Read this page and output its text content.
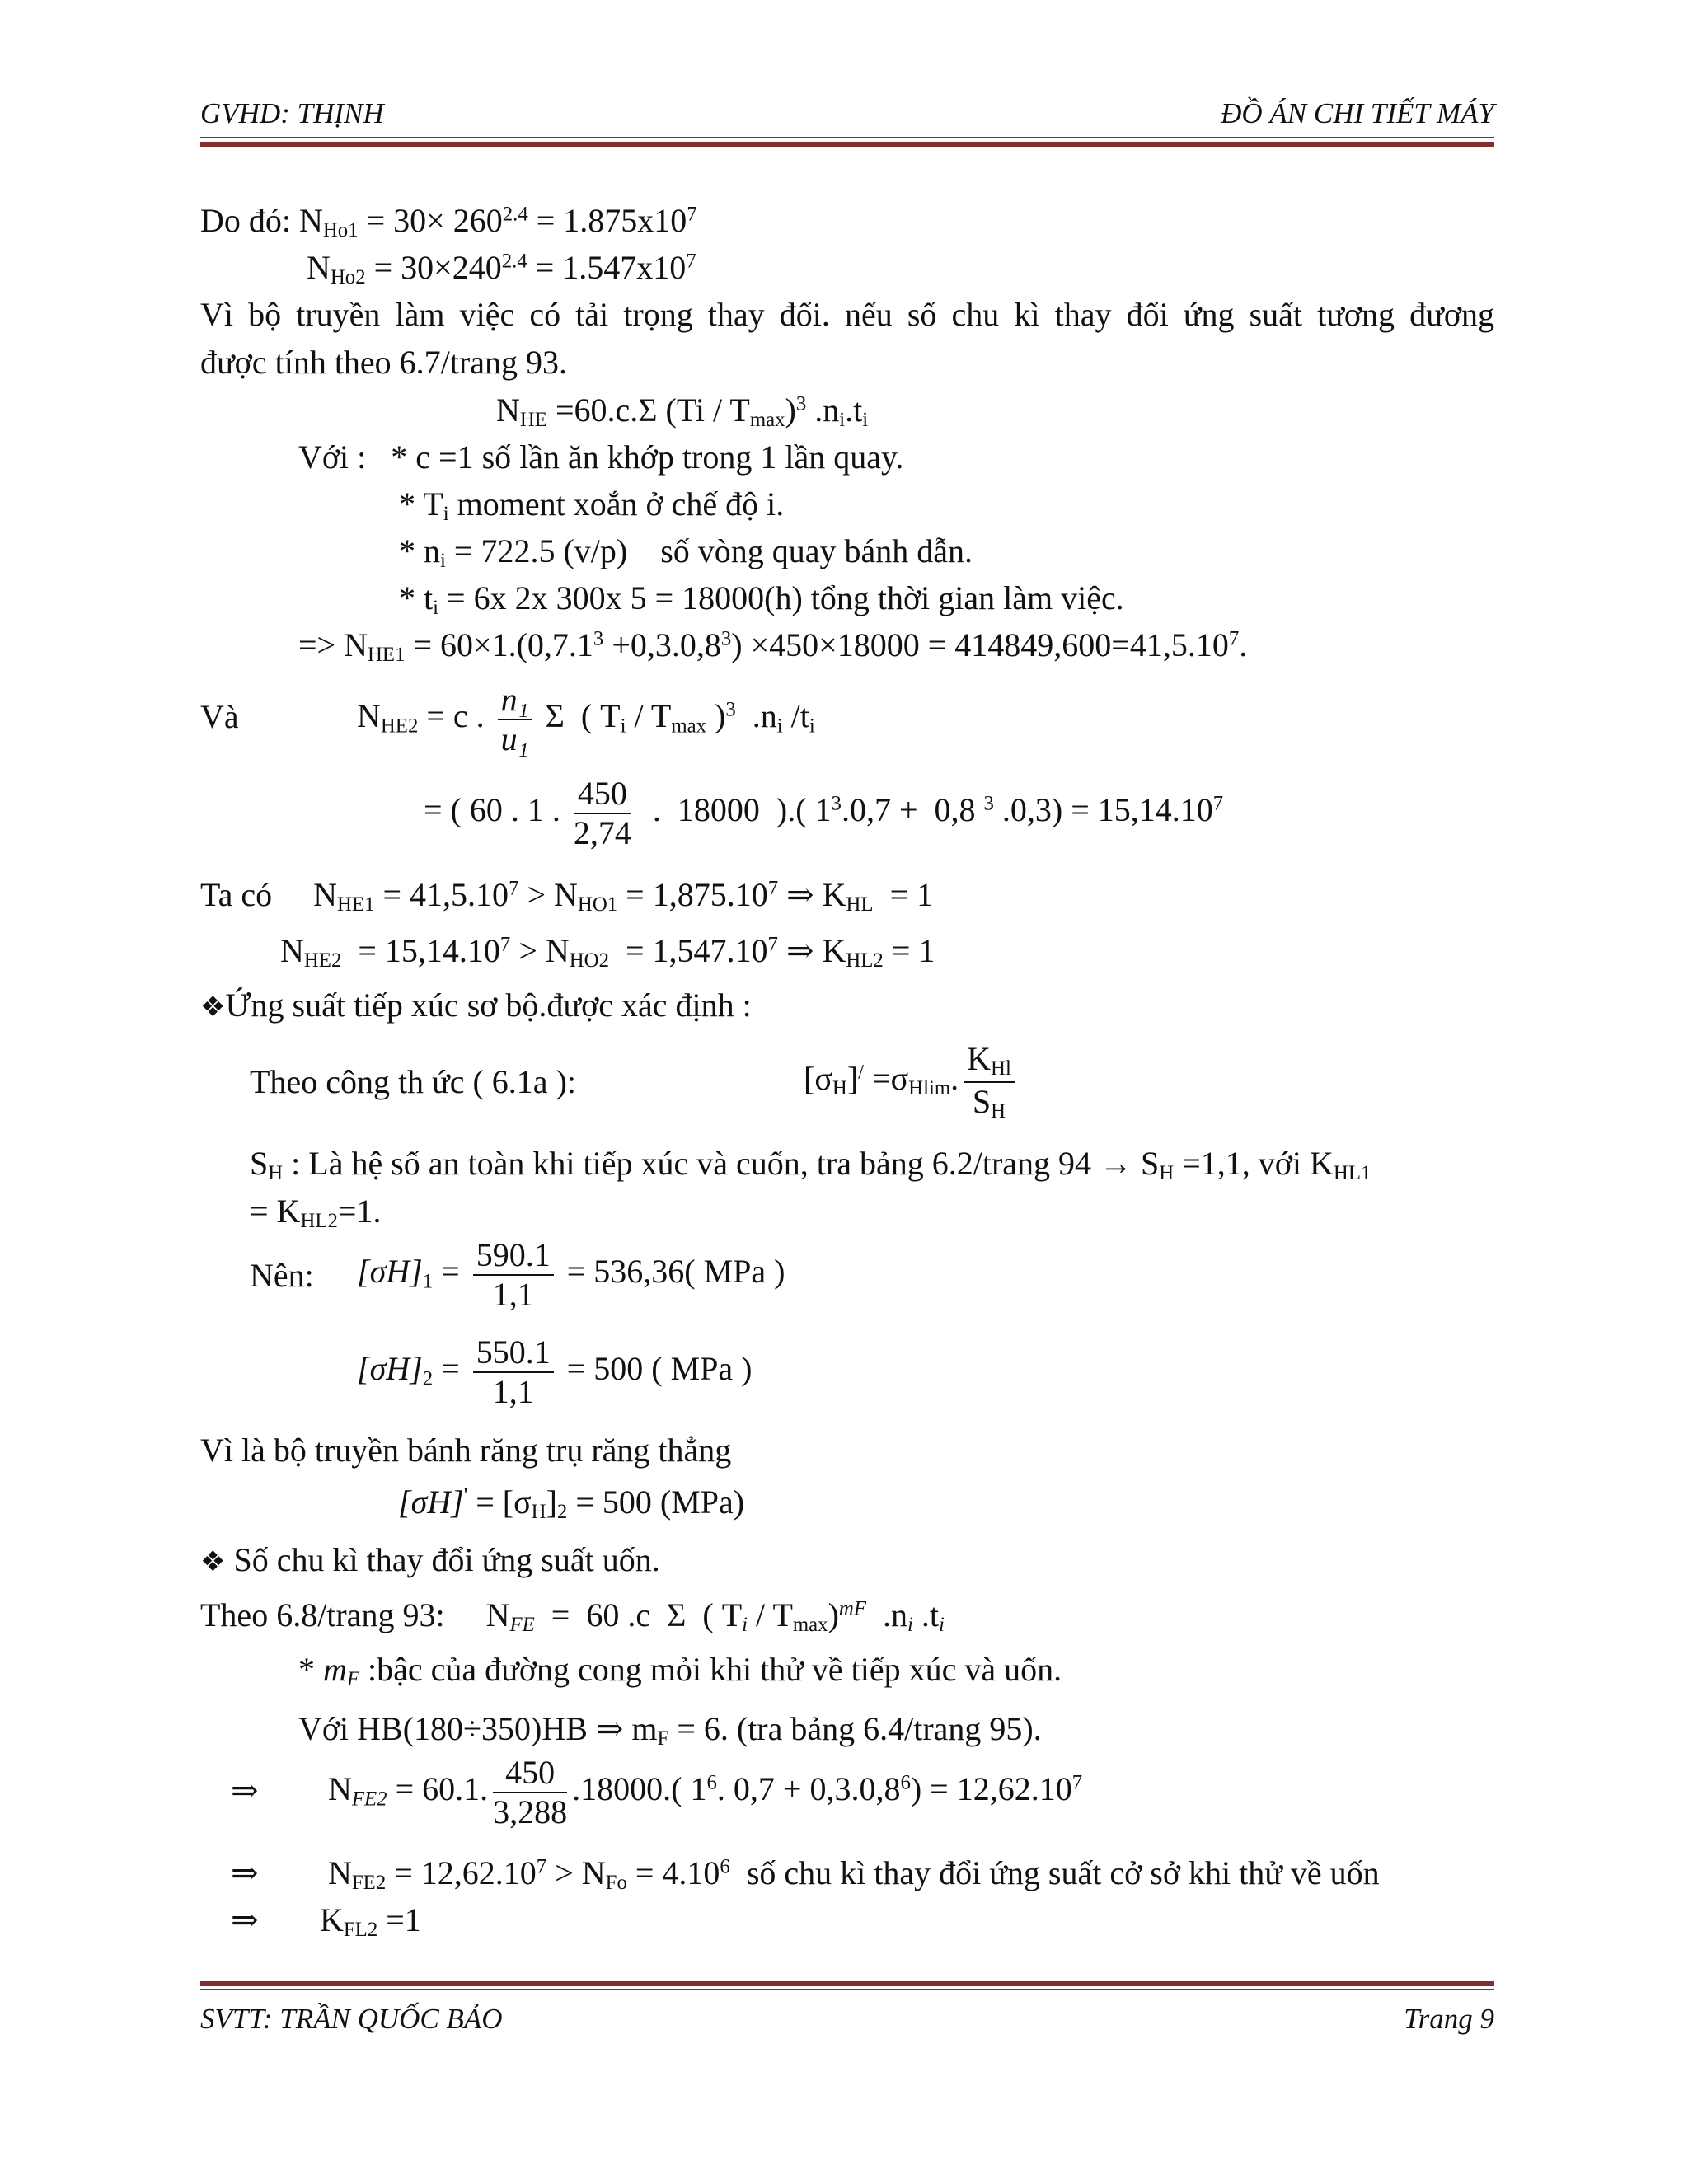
GVHD: THỊNH	ĐỒ ÁN CHI TIẾT MÁY
Do đó: $N_{Ho1} = 30\times 260^{2.4} = 1.875x10^7$
$N_{Ho2} = 30\times 240^{2.4} = 1.547x10^7$
Vì bộ truyền làm việc có tải trọng thay đổi. nếu số chu kì thay đổi ứng suất tương đương
được tính theo 6.7/trang 93.
$N_{HE} =60.c.\Sigma$ $(Ti / T_{max})^3$ $.n_i.t_i$
Với :   * c =1 số lần ăn khớp trong 1 lần quay.
* $T_i$ moment xoắn ở chế độ i.
* $n_i = 722.5$ (v/p)    số vòng quay bánh dẫn.
* $t_i = 6x$ 2x 300x 5 = 18000(h) tổng thời gian làm việc.
=> $N_{HE1} = 60\times 1.(0,7.1^3 +0,3.0,8^3) \times 450\times 18000 = 414849,600=41,5.10^7$.
Và	$N_{HE2} = c$ . $\frac{\text{n₁}}{\text{u₁}}$ Σ  ( $T_i / T_{max}$ )$^3$  $.n_i$ $/t_i$
= ( 60 . 1 . $\frac{450}{2,74}$ .  18000  ).( $1^3.0,7 + 0,8$ $^3$ $.0,3) = 15,14.10^7$
Ta có     $N_{HE1} = 41,5.10^7 > N_{HO1} = 1,875.10^7$ ⇒ $K_{HL} = 1$
$N_{HE2} = 15,14.10^7 > N_{HO2} = 1,547.10^7$ ⇒ $K_{HL2} = 1$
❖Ứng suất tiếp xúc sơ bộ.được xác định :
Theo công th ức ( 6.1a ):	$[\sigma_H]^/ =\sigma_{Hlim}$.
$K_{Hl}$
$S_H$
$S_H$ : Là hệ số an toàn khi tiếp xúc và cuốn, tra bảng 6.2/trang $94 \to S_H =1,1$, với $K_{HL1}$
= $K_{HL2}=1$.
Nên: $[\sigma H]_1 = \frac{590.1}{1,1} = 536,36$( MPa )
$[\sigma H]_2 = \frac{550.1}{1,1} = 500$ ( MPa )
Vì là bộ truyền bánh răng trụ răng thẳng
$[\sigma H]' = [\sigma_H]_2 = 500$ (MPa)
❖ Số chu kì thay đổi ứng suất uốn.
Theo 6.8/trang 93:     $N_{FE} = 60$ .c  Σ  ( $T_i / T_{max})^{mF}$  $.n_i$ $.t_i$
* $m_F$ :bậc của đường cong mỏi khi thử về tiếp xúc và uốn.
Với HB(180÷350)HB ⇒ $m_F = 6$. (tra bảng 6.4/trang 95).
⇒ $N_{FE2} = 60.1$. $\frac{450}{3,288} .18000$.( $1^6$. $0,7 + 0,3.0,8^6) = 12,62.10^7$
⇒ $N_{FE2} = 12,62.10^7 > N_{Fo} = 4.10^6$  số chu kì thay đổi ứng suất cở sở khi thử về uốn
⇒ $K_{FL2} =1$
SVTT: TRẦN QUỐC BẢO	Trang 9
